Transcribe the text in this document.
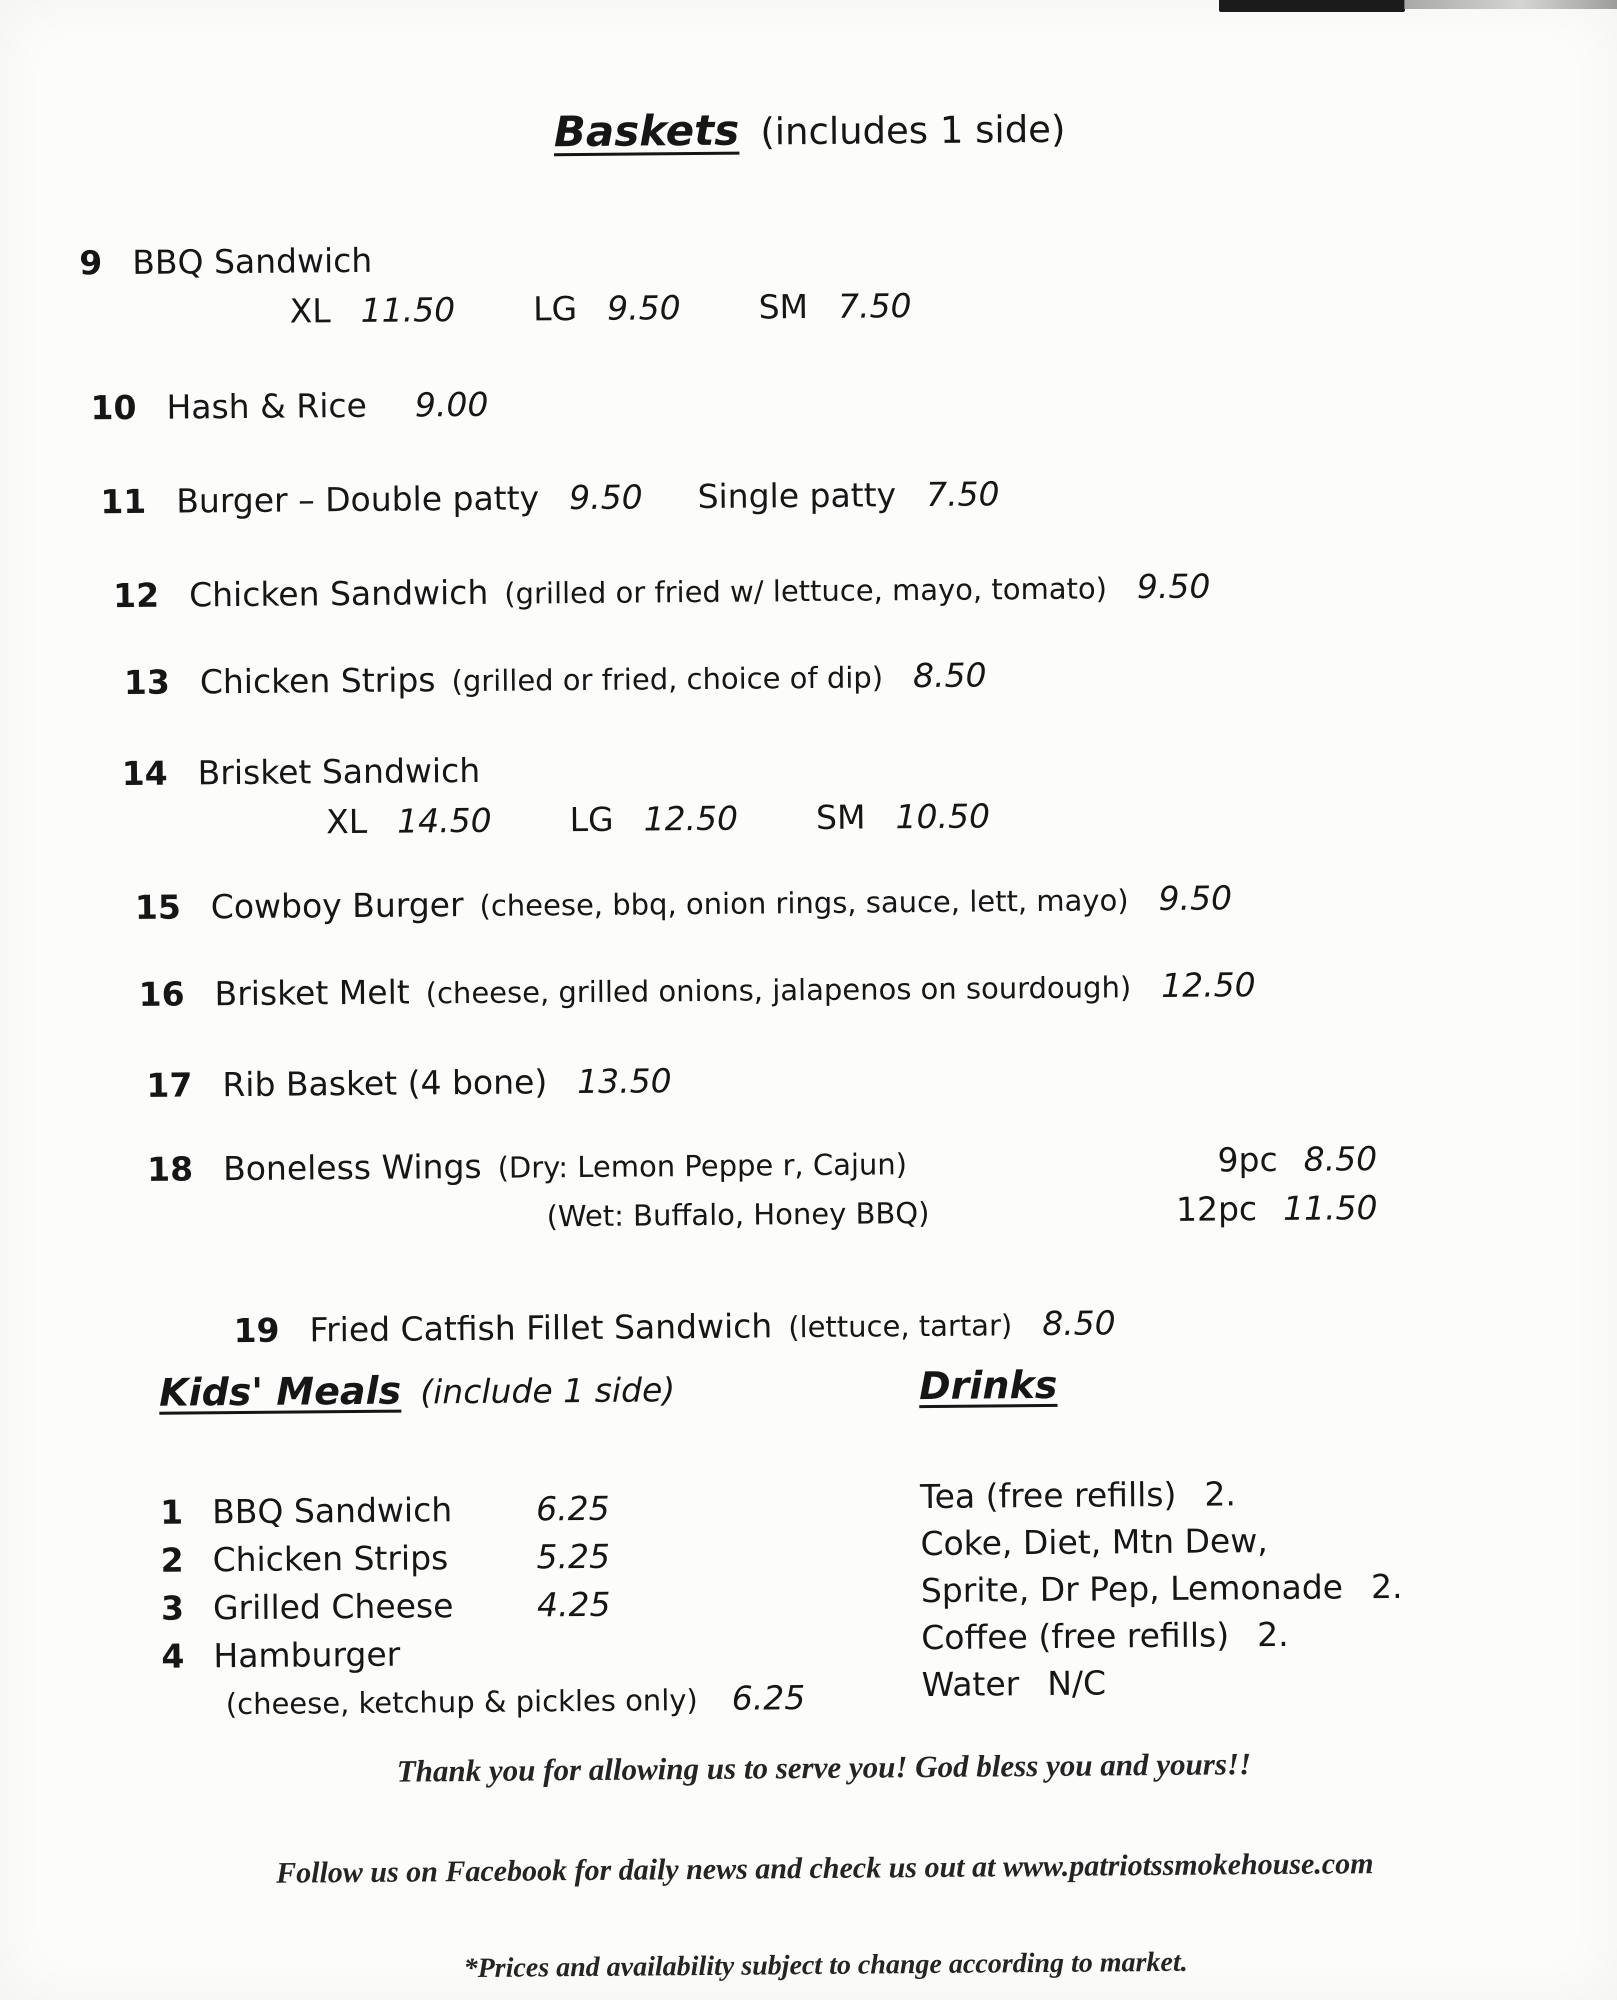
Baskets (includes 1 side)
9 BBQ Sandwich
XL 11.50 LG 9.50 SM 7.50
10 Hash & Rice 9.00
11 Burger – Double patty 9.50 Single patty 7.50
12 Chicken Sandwich (grilled or fried w/ lettuce, mayo, tomato) 9.50
13 Chicken Strips (grilled or fried, choice of dip) 8.50
14 Brisket Sandwich
XL 14.50 LG 12.50 SM 10.50
15 Cowboy Burger (cheese, bbq, onion rings, sauce, lett, mayo) 9.50
16 Brisket Melt (cheese, grilled onions, jalapenos on sourdough) 12.50
17 Rib Basket (4 bone) 13.50
18 Boneless Wings (Dry: Lemon Peppe r, Cajun)	9pc 8.50
(Wet: Buffalo, Honey BBQ)	12pc 11.50
19 Fried Catfish Fillet Sandwich (lettuce, tartar) 8.50
Kids' Meals (include 1 side)
1 BBQ Sandwich	6.25
2 Chicken Strips	5.25
3 Grilled Cheese	4.25
4 Hamburger
(cheese, ketchup & pickles only) 6.25
Drinks
Tea (free refills) 2.
Coke, Diet, Mtn Dew,
Sprite, Dr Pep, Lemonade 2.
Coffee (free refills) 2.
Water N/C
Thank you for allowing us to serve you! God bless you and yours!!
Follow us on Facebook for daily news and check us out at www.patriotssmokehouse.com
*Prices and availability subject to change according to market.
